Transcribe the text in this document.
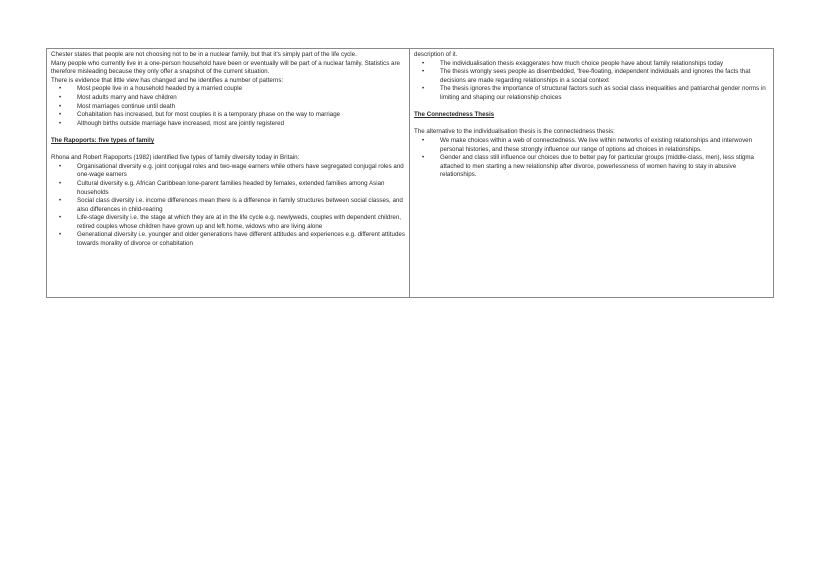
Chester states that people are not choosing not to be in a nuclear family, but that it's simply part of the life cycle.

Many people who currently live in a one-person household have been or eventually will be part of a nuclear family. Statistics are therefore misleading because they only offer a snapshot of the current situation.

There is evidence that little view has changed and he identifies a number of patterns:

• Most people live in a household headed by a married couple
• Most adults marry and have children
• Most marriages continue until death
• Cohabitation has increased, but for most couples it is a temporary phase on the way to marriage
• Although births outside marriage have increased, most are jointly registered

The Rapoports: five types of family

Rhona and Robert Rapoports (1982) identified five types of family diversity today in Britain:

• Organisational diversity e.g. joint conjugal roles and two-wage earners while others have segregated conjugal roles and one-wage earners
• Cultural diversity e.g. African Caribbean lone-parent families headed by females, extended families among Asian households
• Social class diversity i.e. income differences mean there is a difference in family structures between social classes, and also differences in child-rearing
• Life-stage diversity i.e. the stage at which they are at in the life cycle e.g. newlyweds, couples with dependent children, retired couples whose children have grown up and left home, widows who are living alone
• Generational diversity i.e. younger and older generations have different attitudes and experiences e.g. different attitudes towards morality of divorce or cohabitation

description of it.

• The individualisation thesis exaggerates how much choice people have about family relationships today
• The thesis wrongly sees people as disembedded, 'free-floating, independent individuals and ignores the facts that decisions are made regarding relationships in a social context
• The thesis ignores the importance of structural factors such as social class inequalities and patriarchal gender norms in limiting and shaping our relationship choices

The Connectedness Thesis

The alternative to the individualisation thesis is the connectedness thesis:

• We make choices within a web of connectedness. We live within networks of existing relationships and interwoven personal histories, and these strongly influence our range of options ad choices in relationships.
• Gender and class still influence our choices due to better pay for particular groups (middle-class, men), less stigma attached to men starting a new relationship after divorce, powerlessness of women having to stay in abusive relationships.
